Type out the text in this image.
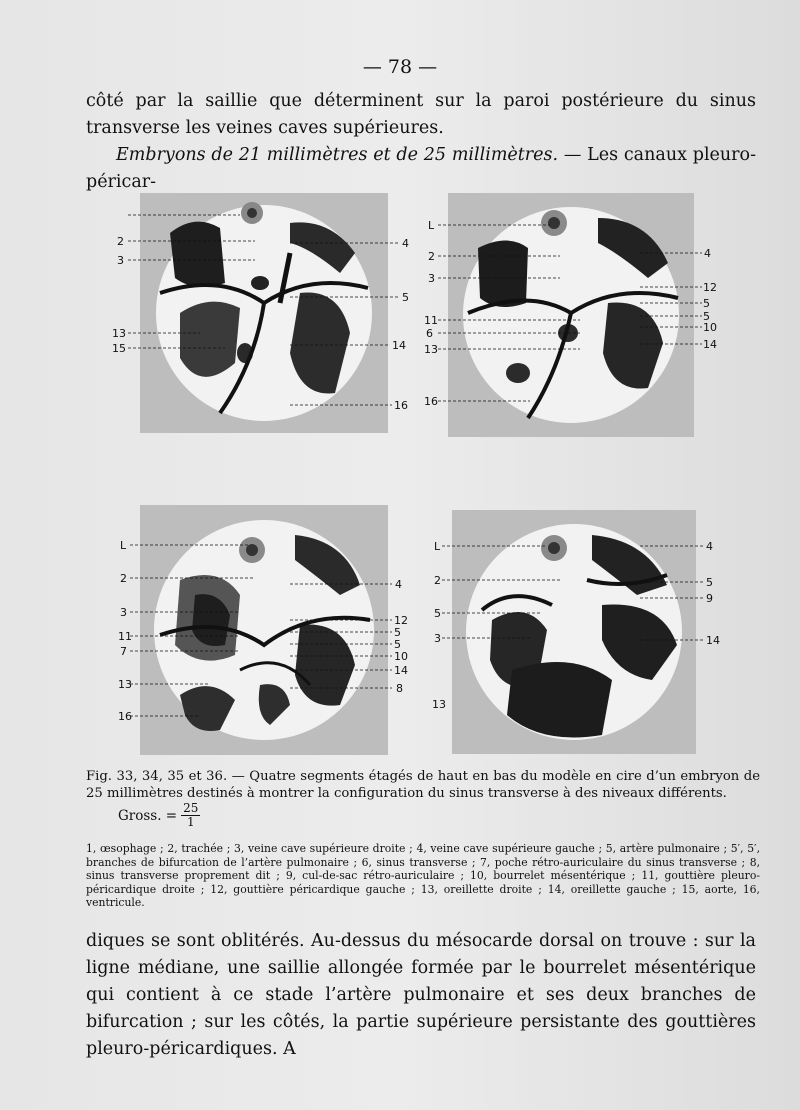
— 78 —

côté par la saillie que déterminent sur la paroi postérieure du sinus transverse les veines caves supérieures.

Embryons de 21 millimètres et de 25 millimètres. — Les canaux pleuro-péricar-

2
3
13
15
4
5
14
16
L
2
3
11
6
13
16
4
12
5
5
10
14
L
2
3
11
7
13
16
4
12
5
5
10
14
8
L
2
5
3
13
4
5
9
14

Fig. 33, 34, 35 et 36. — Quatre segments étagés de haut en bas du modèle en cire d’un embryon de 25 millimètres destinés à montrer la configuration du sinus transverse à des niveaux différents.

Gross. = $\frac{25}{1}$

1, œsophage ; 2, trachée ; 3, veine cave supérieure droite ; 4, veine cave supérieure gauche ; 5, artère pulmonaire ; 5′, 5′, branches de bifurcation de l’artère pulmonaire ; 6, sinus transverse ; 7, poche rétro-auriculaire du sinus transverse ; 8, sinus transverse proprement dit ; 9, cul-de-sac rétro-auriculaire ; 10, bourrelet mésentérique ; 11, gouttière pleuro-péricardique droite ; 12, gouttière péricardique gauche ; 13, oreillette droite ; 14, oreillette gauche ; 15, aorte, 16, ventricule.

diques se sont oblitérés. Au-dessus du mésocarde dorsal on trouve : sur la ligne médiane, une saillie allongée formée par le bourrelet mésentérique qui contient à ce stade l’artère pulmonaire et ses deux branches de bifurcation ; sur les côtés, la partie supérieure persistante des gouttières pleuro-péricardiques. A
